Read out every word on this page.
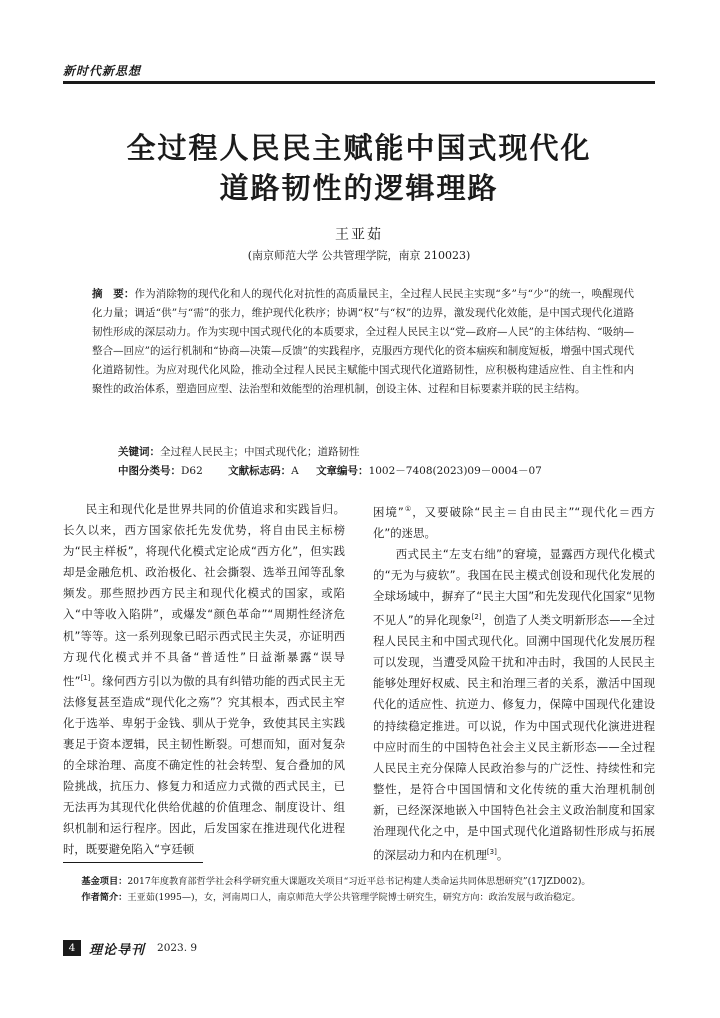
新时代新思想
全过程人民民主赋能中国式现代化
道路韧性的逻辑理路
王亚茹
(南京师范大学 公共管理学院，南京 210023)
摘　要：作为消除物的现代化和人的现代化对抗性的高质量民主，全过程人民民主实现“多”与“少”的统一，唤醒现代化力量；调适“供”与“需”的张力，维护现代化秩序；协调“权”与“权”的边界，激发现代化效能，是中国式现代化道路韧性形成的深层动力。作为实现中国式现代化的本质要求，全过程人民民主以“党—政府—人民”的主体结构、“吸纳—整合—回应”的运行机制和“协商—决策—反馈”的实践程序，克服西方现代化的资本痼疾和制度短板，增强中国式现代化道路韧性。为应对现代化风险，推动全过程人民民主赋能中国式现代化道路韧性，应积极构建适应性、自主性和内聚性的政治体系，塑造回应型、法治型和效能型的治理机制，创设主体、过程和目标要素并联的民主结构。
关键词：全过程人民民主；中国式现代化；道路韧性
中图分类号：D62 文献标志码：A 文章编号：1002－7408(2023)09－0004－07

民主和现代化是世界共同的价值追求和实践旨归。长久以来，西方国家依托先发优势，将自由民主标榜为“民主样板”，将现代化模式定论成“西方化”，但实践却是金融危机、政治极化、社会撕裂、选举丑闻等乱象频发。那些照抄西方民主和现代化模式的国家，或陷入“中等收入陷阱”，或爆发“颜色革命”“周期性经济危机”等等。这一系列现象已昭示西式民主失灵，亦证明西方现代化模式并不具备“普适性”日益渐暴露“误导性”[1]。缘何西方引以为傲的具有纠错功能的西式民主无法修复甚至造成“现代化之殇”？究其根本，西式民主窄化于选举、卑躬于金钱、驯从于党争，致使其民主实践裹足于资本逻辑，民主韧性断裂。可想而知，面对复杂的全球治理、高度不确定性的社会转型、复合叠加的风险挑战，抗压力、修复力和适应力式微的西式民主，已无法再为其现代化供给优越的价值理念、制度设计、组织机制和运行程序。因此，后发国家在推进现代化进程时，既要避免陷入“亨廷顿

困境”①，又要破除“民主＝自由民主”“现代化＝西方化”的迷思。

西式民主“左支右绌”的窘境，显露西方现代化模式的“无为与疲软”。我国在民主模式创设和现代化发展的全球场域中，摒弃了“民主大国”和先发现代化国家“见物不见人”的异化现象[2]，创造了人类文明新形态——全过程人民民主和中国式现代化。回溯中国现代化发展历程可以发现，当遭受风险干扰和冲击时，我国的人民民主能够处理好权威、民主和治理三者的关系，激活中国现代化的适应性、抗逆力、修复力，保障中国现代化建设的持续稳定推进。可以说，作为中国式现代化演进进程中应时而生的中国特色社会主义民主新形态——全过程人民民主充分保障人民政治参与的广泛性、持续性和完整性，是符合中国国情和文化传统的重大治理机制创新，已经深深地嵌入中国特色社会主义政治制度和国家治理现代化之中，是中国式现代化道路韧性形成与拓展的深层动力和内在机理[3]。

基金项目：2017年度教育部哲学社会科学研究重大课题攻关项目“习近平总书记构建人类命运共同体思想研究”(17JZD002)。

作者简介：王亚茹(1995—)，女，河南周口人，南京师范大学公共管理学院博士研究生，研究方向：政治发展与政治稳定。

4	理论导刊 2023. 9
